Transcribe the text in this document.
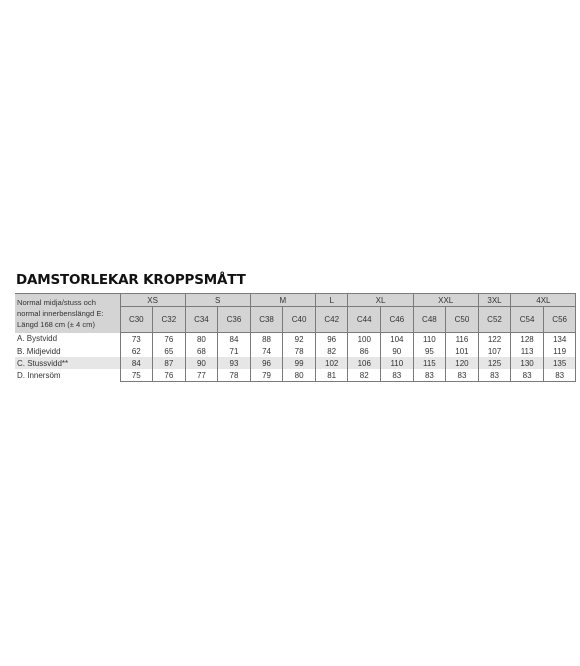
DAMSTORLEKAR KROPPSMÅTT
Normal midja/stuss och normal innerbenslängd E: Längd 168 cm (± 4 cm)	XS		S		M		L	XL		XXL		3XL	4XL	
	C30	C32	C34	C36	C38	C40	C42	C44	C46	C48	C50	C52	C54	C56
A. Bystvidd	73	76	80	84	88	92	96	100	104	110	116	122	128	134
B. Midjevidd	62	65	68	71	74	78	82	86	90	95	101	107	113	119
C. Stussvidd**	84	87	90	93	96	99	102	106	110	115	120	125	130	135
D. Innersöm	75	76	77	78	79	80	81	82	83	83	83	83	83	83
